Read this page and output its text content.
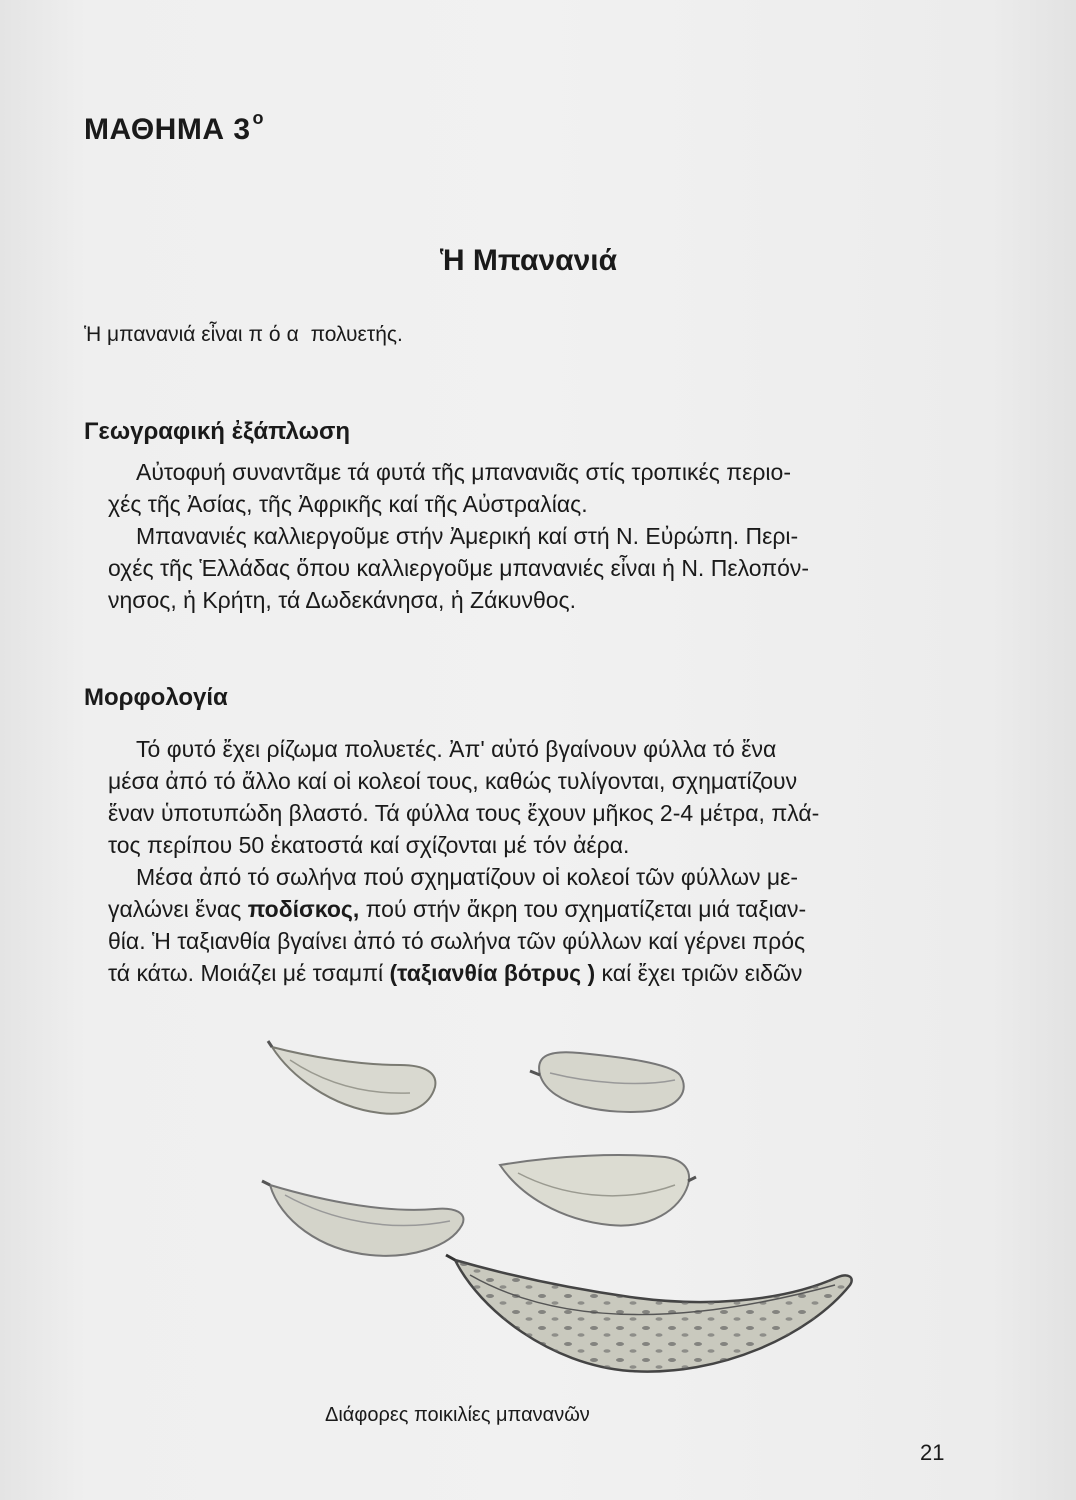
ΜΑΘΗΜΑ 3 $^o$
Ἡ Μπανανιά

Ἡ μπανανιά εἶναι πόα πολυετής.

Γεωγραφική ἐξάπλωση
Αὐτοφυή συναντᾶμε τά φυτά τῆς μπανανιᾶς στίς τροπικές περιο-
χές τῆς Ἀσίας, τῆς Ἀφρικῆς καί τῆς Αὐστραλίας.
Μπανανιές καλλιεργοῦμε στήν Ἀμερική καί στή Ν. Εὐρώπη. Περι-
οχές τῆς Ἑλλάδας ὅπου καλλιεργοῦμε μπανανιές εἶναι ἡ Ν. Πελοπόν-
νησος, ἡ Κρήτη, τά Δωδεκάνησα, ἡ Ζάκυνθος.
Μορφολογία
Τό φυτό ἔχει ρίζωμα πολυετές. Ἀπ' αὐτό βγαίνουν φύλλα τό ἕνα
μέσα ἀπό τό ἄλλο καί οἱ κολεοί τους, καθώς τυλίγονται, σχηματίζουν
ἕναν ὑποτυπώδη βλαστό. Τά φύλλα τους ἔχουν μῆκος 2-4 μέτρα, πλά-
τος περίπου 50 ἑκατοστά καί σχίζονται μέ τόν ἀέρα.
Μέσα ἀπό τό σωλήνα πού σχηματίζουν οἱ κολεοί τῶν φύλλων με-
γαλώνει ἕνας ποδίσκος, πού στήν ἄκρη του σχηματίζεται μιά ταξιαν-
θία. Ἡ ταξιανθία βγαίνει ἀπό τό σωλήνα τῶν φύλλων καί γέρνει πρός
τά κάτω. Μοιάζει μέ τσαμπί (ταξιανθία βότρυς ) καί ἔχει τριῶν ειδῶν

Διάφορες ποικιλίες μπανανῶν

21
